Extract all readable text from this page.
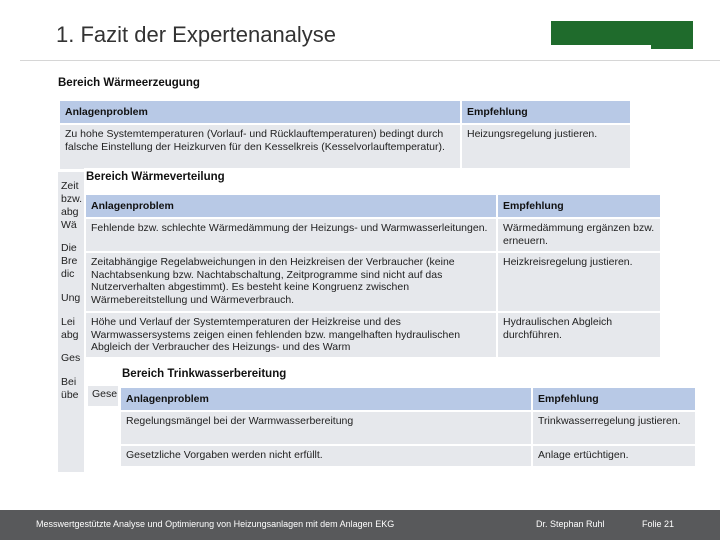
1. Fazit der Expertenanalyse
Bereich Wärmeerzeugung
Anlagenproblem	Empfehlung
Zu hohe Systemtemperaturen (Vorlauf- und Rücklauftemperaturen) bedingt durch falsche Einstellung der Heizkurven für den Kesselkreis (Kesselvorlauftemperatur).	Heizungsregelung justieren.
Zeit
bzw.
abg
Wä
Die
Bre
dic
Ung
Lei
abg
Ges
Bei
übe
Bereich Wärmeverteilung
Anlagenproblem	Empfehlung
Fehlende bzw. schlechte Wärmedämmung der Heizungs- und Warmwasserleitungen.	Wärmedämmung ergänzen bzw. erneuern.
Zeitabhängige Regelabweichungen in den Heizkreisen der Verbraucher (keine Nachtabsenkung bzw. Nachtabschaltung, Zeitprogramme sind nicht auf das Nutzerverhalten abgestimmt). Es besteht keine Kongruenz zwischen Wärmebereitstellung und Wärmeverbrauch.	Heizkreisregelung justieren.
Höhe und Verlauf der Systemtemperaturen der Heizkreise und des Warmwassersystems zeigen einen fehlenden bzw. mangelhaften hydraulischen Abgleich der Verbraucher des Heizungs- und des Warm	Hydraulischen Abgleich durchführen.
Gese
Bereich Trinkwasserbereitung
Anlagenproblem	Empfehlung
Regelungsmängel bei der Warmwasserbereitung	Trinkwasserregelung justieren.
Gesetzliche Vorgaben werden nicht erfüllt.	Anlage ertüchtigen.
Messwertgestützte Analyse und Optimierung von Heizungsanlagen mit dem Anlagen EKG	Dr. Stephan Ruhl	Folie 21
